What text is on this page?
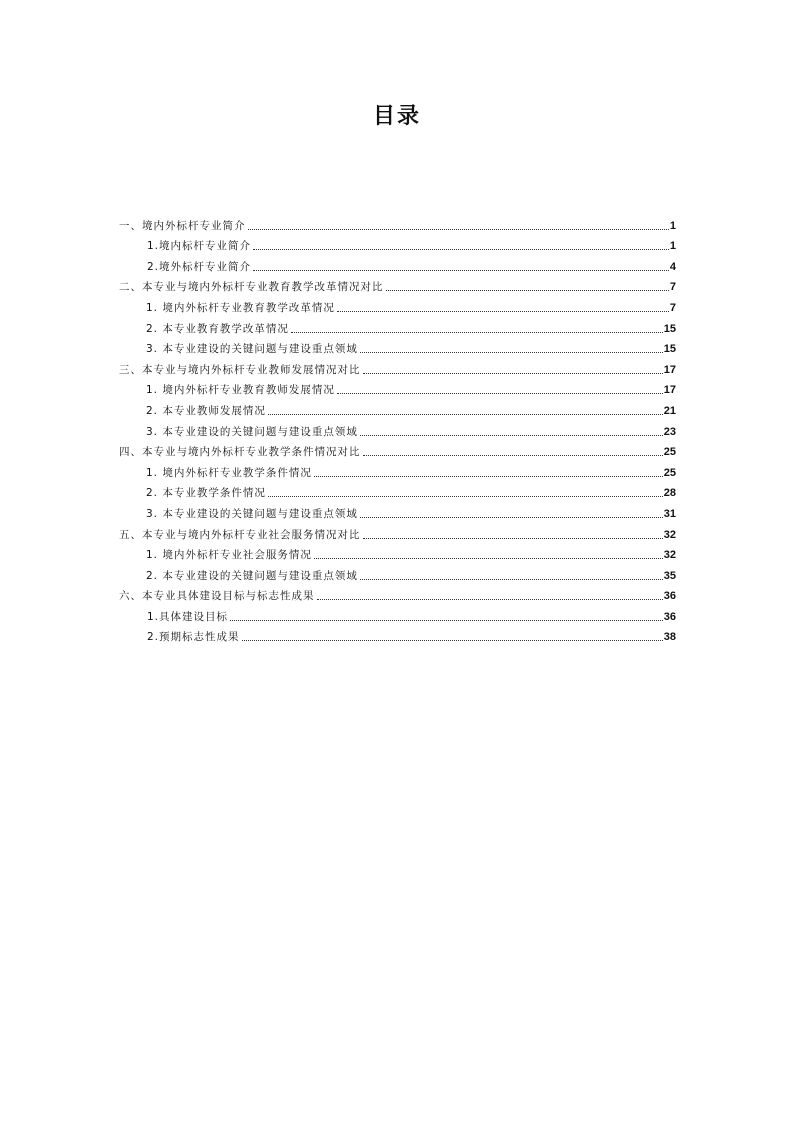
目录
一、境内外标杆专业简介	1
1.境内标杆专业简介	1
2.境外标杆专业简介	4
二、本专业与境内外标杆专业教育教学改革情况对比	7
1. 境内外标杆专业教育教学改革情况	7
2. 本专业教育教学改革情况	15
3. 本专业建设的关键问题与建设重点领域	15
三、本专业与境内外标杆专业教师发展情况对比	17
1. 境内外标杆专业教育教师发展情况	17
2. 本专业教师发展情况	21
3. 本专业建设的关键问题与建设重点领域	23
四、本专业与境内外标杆专业教学条件情况对比	25
1. 境内外标杆专业教学条件情况	25
2. 本专业教学条件情况	28
3. 本专业建设的关键问题与建设重点领域	31
五、本专业与境内外标杆专业社会服务情况对比	32
1. 境内外标杆专业社会服务情况	32
2. 本专业建设的关键问题与建设重点领域	35
六、本专业具体建设目标与标志性成果	36
1.具体建设目标	36
2.预期标志性成果	38
